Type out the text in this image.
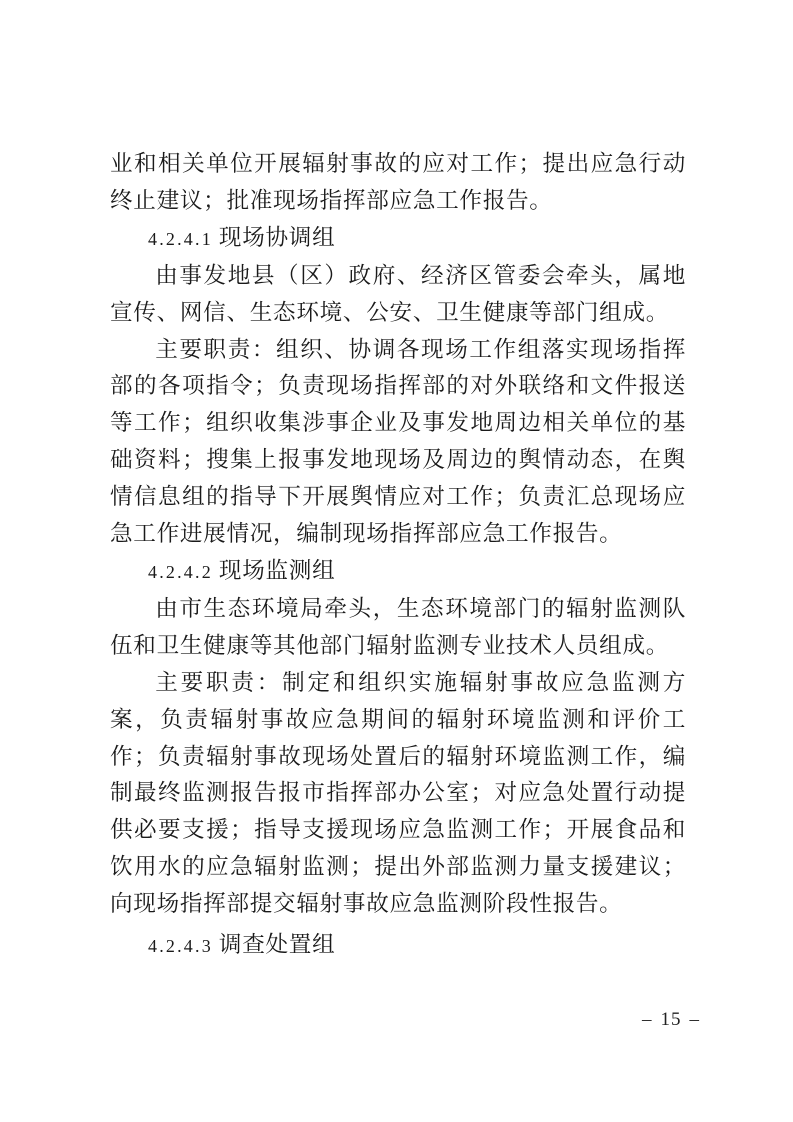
业和相关单位开展辐射事故的应对工作；提出应急行动终止建议；批准现场指挥部应急工作报告。

4.2.4.1 现场协调组

由事发地县（区）政府、经济区管委会牵头，属地宣传、网信、生态环境、公安、卫生健康等部门组成。

主要职责：组织、协调各现场工作组落实现场指挥部的各项指令；负责现场指挥部的对外联络和文件报送等工作；组织收集涉事企业及事发地周边相关单位的基础资料；搜集上报事发地现场及周边的舆情动态，在舆情信息组的指导下开展舆情应对工作；负责汇总现场应急工作进展情况，编制现场指挥部应急工作报告。

4.2.4.2 现场监测组

由市生态环境局牵头，生态环境部门的辐射监测队伍和卫生健康等其他部门辐射监测专业技术人员组成。

主要职责：制定和组织实施辐射事故应急监测方案，负责辐射事故应急期间的辐射环境监测和评价工作；负责辐射事故现场处置后的辐射环境监测工作，编制最终监测报告报市指挥部办公室；对应急处置行动提供必要支援；指导支援现场应急监测工作；开展食品和饮用水的应急辐射监测；提出外部监测力量支援建议；向现场指挥部提交辐射事故应急监测阶段性报告。

4.2.4.3 调查处置组

– 15 –
